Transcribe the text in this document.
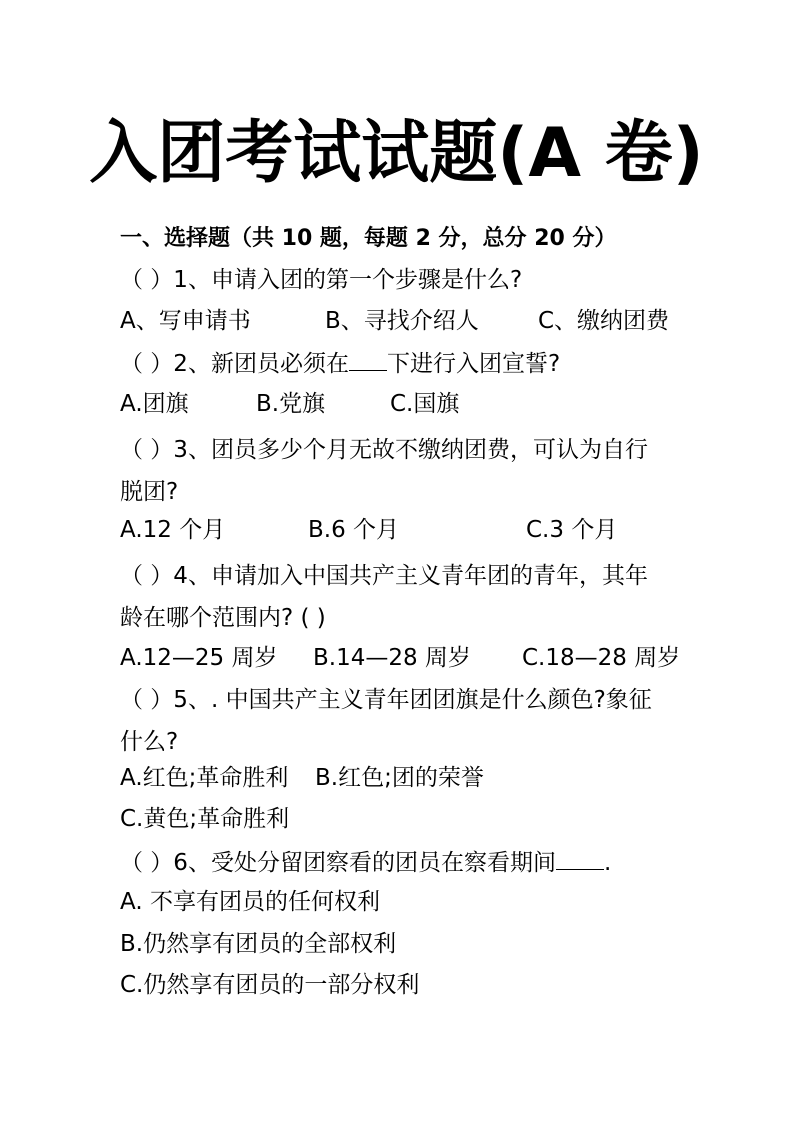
入团考试试题(A 卷)
一、选择题（共 10 题，每题 2 分，总分 20 分）
（ ）1、申请入团的第一个步骤是什么?
A、写申请书	B、寻找介绍人	C、缴纳团费
（ ）2、新团员必须在 下进行入团宣誓?
A.团旗	B.党旗	C.国旗
（ ）3、团员多少个月无故不缴纳团费，可认为自行
脱团?
A.12 个月	B.6 个月	C.3 个月
（ ）4、申请加入中国共产主义青年团的青年，其年
龄在哪个范围内? ( )
A.12—25 周岁 B.14—28 周岁 C.18—28 周岁
（ ）5、. 中国共产主义青年团团旗是什么颜色?象征
什么?
A.红色;革命胜利 B.红色;团的荣誉
C.黄色;革命胜利
（ ）6、受处分留团察看的团员在察看期间 .
A. 不享有团员的任何权利
B.仍然享有团员的全部权利
C.仍然享有团员的一部分权利
